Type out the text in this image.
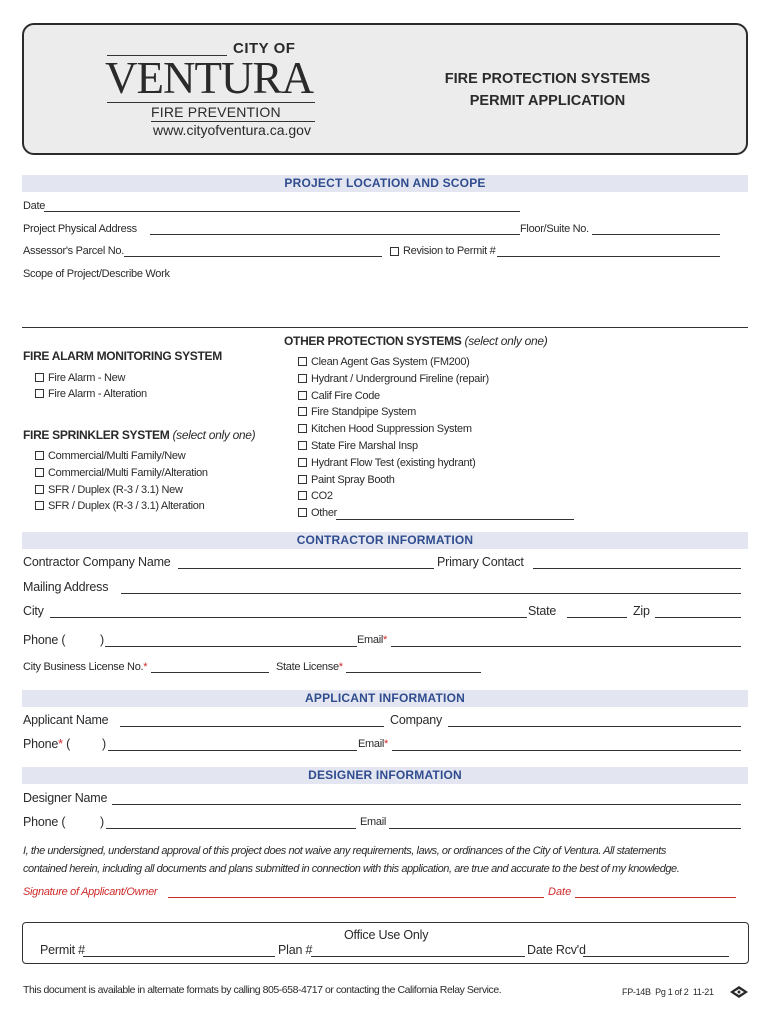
CITY OF
VENTURA
FIRE PREVENTION
www.cityofventura.ca.gov
FIRE PROTECTION SYSTEMS
PERMIT APPLICATION
PROJECT LOCATION AND SCOPE
Date
Project Physical Address	Floor/Suite No.
Assessor's Parcel No.	Revision to Permit #
Scope of Project/Describe Work
FIRE ALARM MONITORING SYSTEM
Fire Alarm - New
Fire Alarm - Alteration
FIRE SPRINKLER SYSTEM (select only one)
Commercial/Multi Family/New
Commercial/Multi Family/Alteration
SFR / Duplex (R-3 / 3.1) New
SFR / Duplex (R-3 / 3.1) Alteration
OTHER PROTECTION SYSTEMS (select only one)
Clean Agent Gas System (FM200)
Hydrant / Underground Fireline (repair)
Calif Fire Code
Fire Standpipe System
Kitchen Hood Suppression System
State Fire Marshal Insp
Hydrant Flow Test (existing hydrant)
Paint Spray Booth
CO2
Other
CONTRACTOR INFORMATION
Contractor Company Name	Primary Contact
Mailing Address
City	State	Zip
Phone (	)	Email*
City Business License No.*	State License*
APPLICANT INFORMATION
Applicant Name	Company
Phone* (	)	Email*
DESIGNER INFORMATION
Designer Name
Phone (	)	Email
I, the undersigned, understand approval of this project does not waive any requirements, laws, or ordinances of the City of Ventura. All statements
contained herein, including all documents and plans submitted in connection with this application, are true and accurate to the best of my knowledge.
Signature of Applicant/Owner	Date
Office Use Only
Permit #	Plan #	Date Rcv'd
This document is available in alternate formats by calling 805-658-4717 or contacting the California Relay Service.	FP-14B Pg 1 of 2 11-21
